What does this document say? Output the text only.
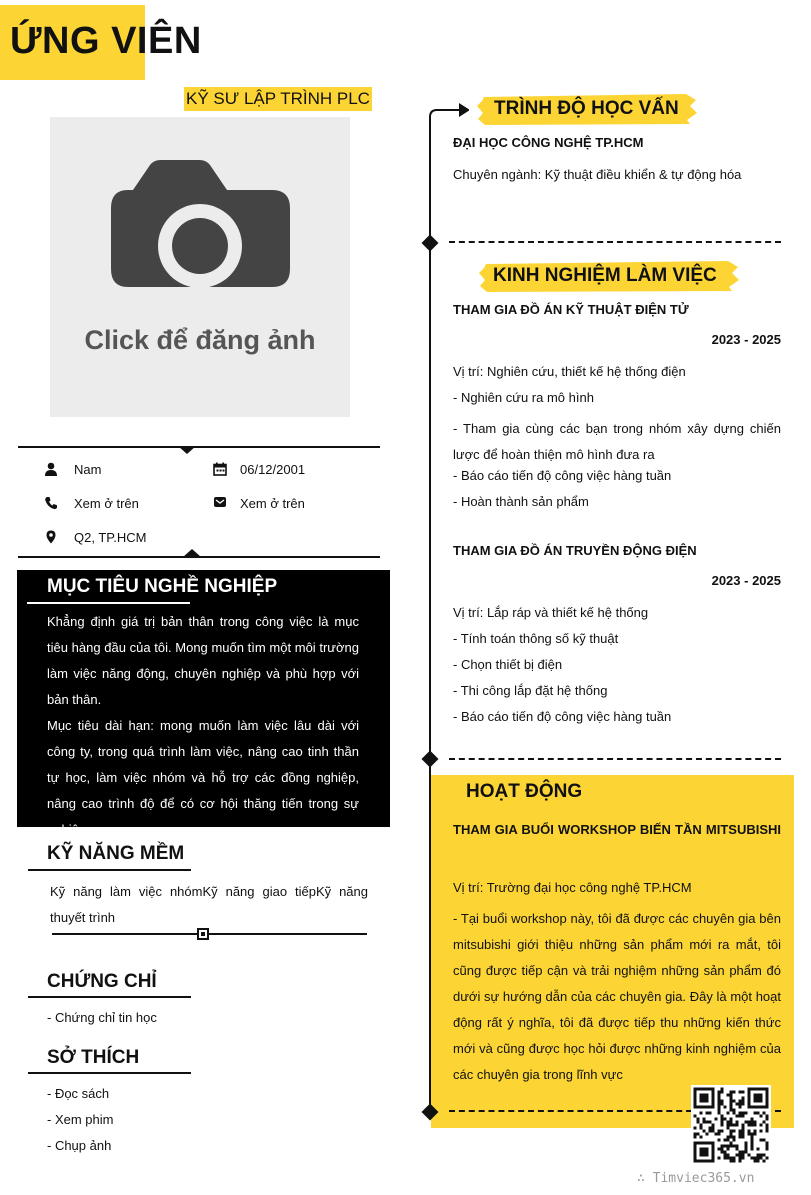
ỨNG VIÊN
KỸ SƯ LẬP TRÌNH PLC
Click để đăng ảnh
Nam	06/12/2001
Xem ở trên	Xem ở trên
Q2, TP.HCM
MỤC TIÊU NGHỀ NGHIỆP
Khẳng định giá trị bản thân trong công việc là mục tiêu hàng đầu của tôi. Mong muốn tìm một môi trường làm việc năng động, chuyên nghiệp và phù hợp với bản thân.
Mục tiêu dài hạn: mong muốn làm việc lâu dài với công ty, trong quá trình làm việc, nâng cao tinh thần tự học, làm việc nhóm và hỗ trợ các đồng nghiệp, nâng cao trình độ để có cơ hội thăng tiến trong sự nghiệp
KỸ NĂNG MỀM
Kỹ năng làm việc nhómKỹ năng giao tiếpKỹ năng thuyết trình
CHỨNG CHỈ
- Chứng chỉ tin học
SỞ THÍCH
- Đọc sách
- Xem phim
- Chụp ảnh
TRÌNH ĐỘ HỌC VẤN
ĐẠI HỌC CÔNG NGHỆ TP.HCM
Chuyên ngành: Kỹ thuật điều khiển & tự động hóa
KINH NGHIỆM LÀM VIỆC
THAM GIA ĐỒ ÁN KỸ THUẬT ĐIỆN TỬ
2023 - 2025
Vị trí: Nghiên cứu, thiết kế hệ thống điện
- Nghiên cứu ra mô hình
- Tham gia cùng các bạn trong nhóm xây dựng chiến lược để hoàn thiện mô hình đưa ra
- Báo cáo tiến độ công việc hàng tuần
- Hoàn thành sản phẩm
THAM GIA ĐỒ ÁN TRUYỀN ĐỘNG ĐIỆN
2023 - 2025
Vị trí: Lắp ráp và thiết kế hệ thống
- Tính toán thông số kỹ thuật
- Chọn thiết bị điện
- Thi công lắp đặt hệ thống
- Báo cáo tiến độ công việc hàng tuần
HOẠT ĐỘNG
THAM GIA BUỔI WORKSHOP BIẾN TẦN MITSUBISHI
Vị trí: Trường đại học công nghệ TP.HCM
- Tại buổi workshop này, tôi đã được các chuyên gia bên mitsubishi giới thiệu những sản phẩm mới ra mắt, tôi cũng được tiếp cận và trải nghiệm những sản phẩm đó dưới sự hướng dẫn của các chuyên gia. Đây là một hoạt động rất ý nghĩa, tôi đã được tiếp thu những kiến thức mới và cũng được học hỏi được những kinh nghiệm của các chuyên gia trong lĩnh vực
∴ Timviec365.vn
